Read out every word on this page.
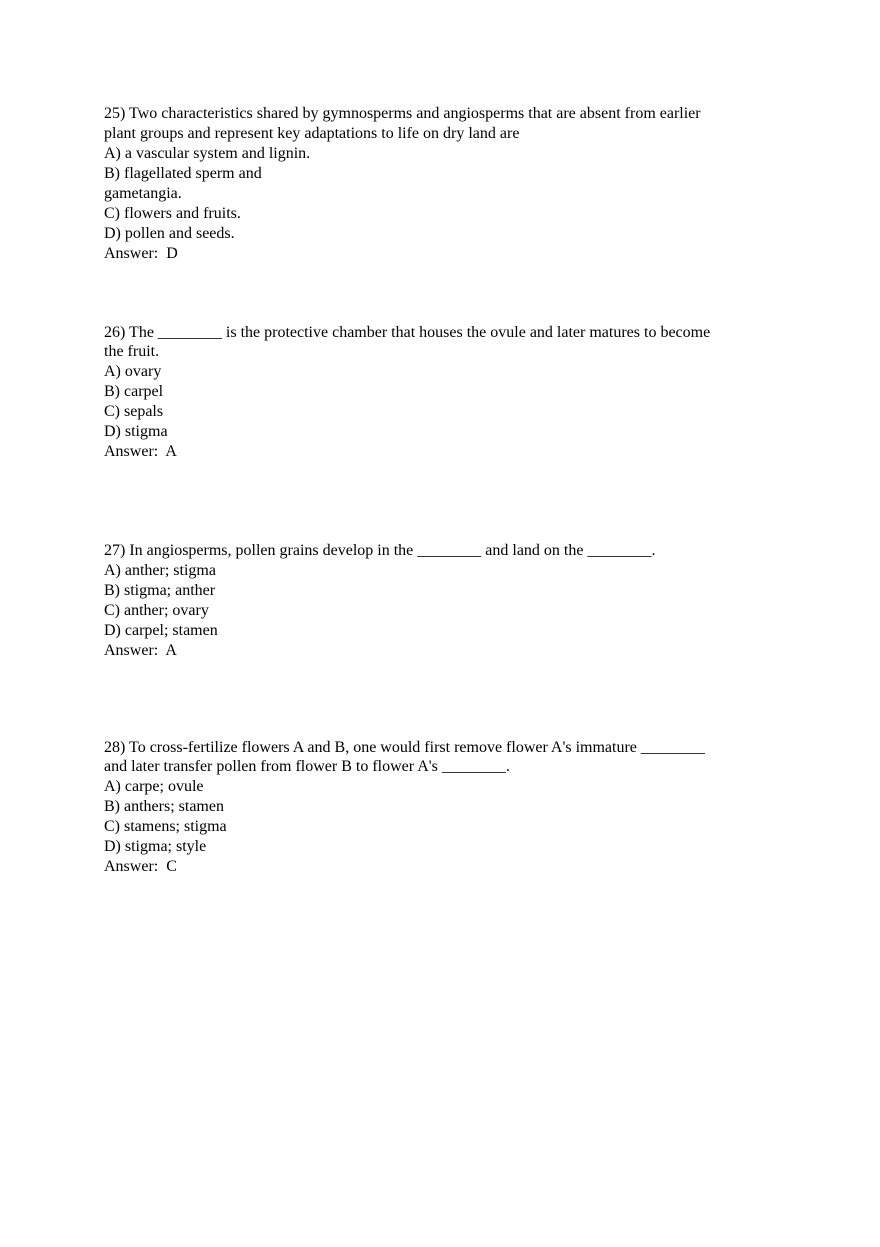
25) Two characteristics shared by gymnosperms and angiosperms that are absent from earlier
plant groups and represent key adaptations to life on dry land are
A) a vascular system and lignin.
B) flagellated sperm and
gametangia.
C) flowers and fruits.
D) pollen and seeds.
Answer:  D
26) The ________ is the protective chamber that houses the ovule and later matures to become
the fruit.
A) ovary
B) carpel
C) sepals
D) stigma
Answer:  A
27) In angiosperms, pollen grains develop in the ________ and land on the ________.
A) anther; stigma
B) stigma; anther
C) anther; ovary
D) carpel; stamen
Answer:  A
28) To cross-fertilize flowers A and B, one would first remove flower A's immature ________
and later transfer pollen from flower B to flower A's ________.
A) carpe; ovule
B) anthers; stamen
C) stamens; stigma
D) stigma; style
Answer:  C
